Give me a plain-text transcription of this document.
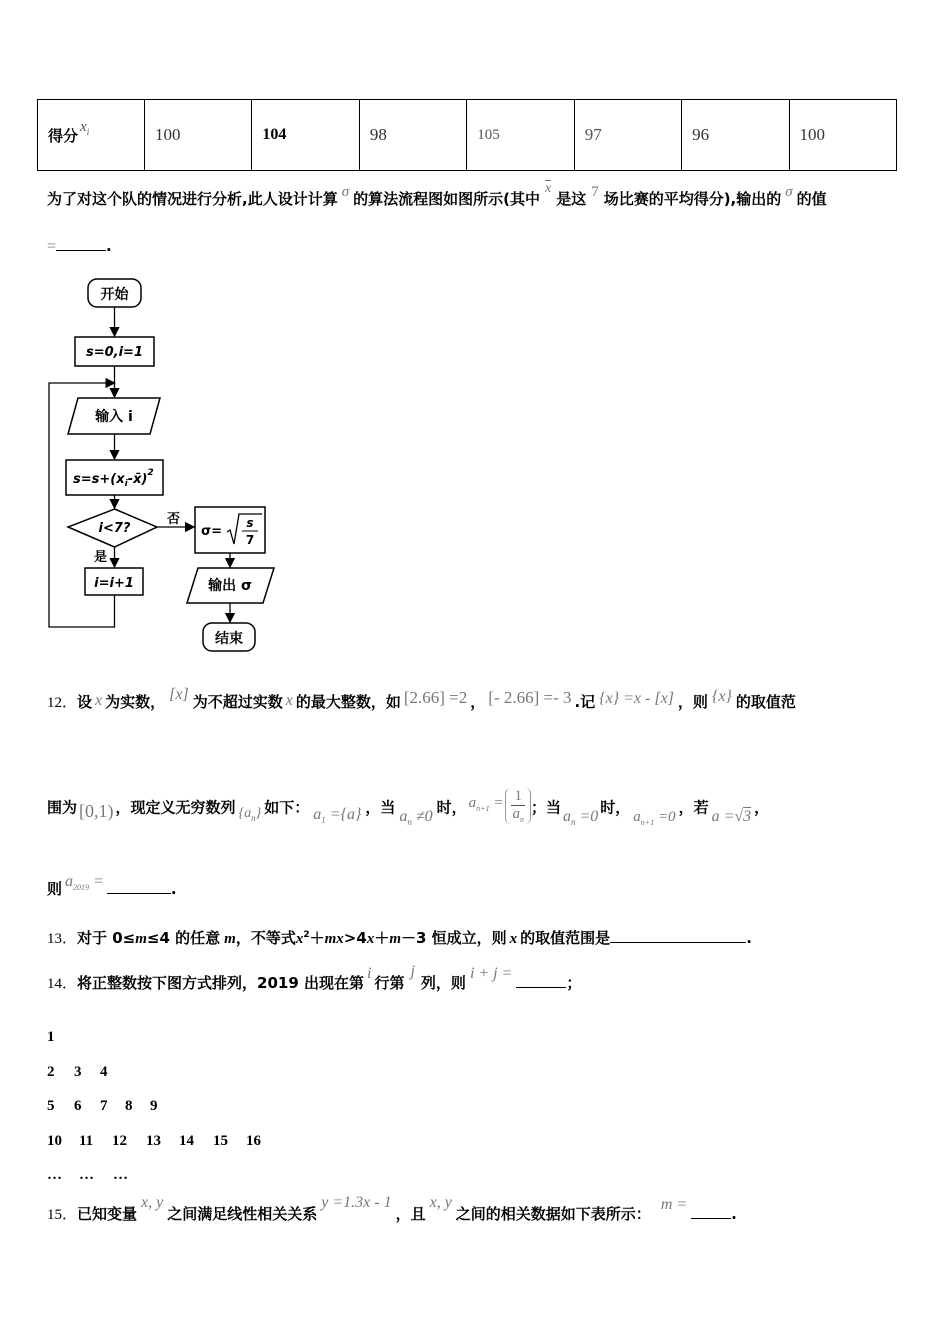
得分 $x^i$	100	104	98	105	97	96	100
为了对这个队的情况进行分析,此人设计计算 σ 的算法流程图如图所示(其中$\overline{x}$是这 7 场比赛的平均得分),输出的 σ 的值
=	.
开始
s=0,i=1
输入 i
$s=s+(x_i-x̄)^2$
i<7?
否
σ=
s
7
输出 σ
结束
是
i=i+1
12．设 x 为实数， [x] 为不超过实数 x 的最大整数，如 [2.66] =2 ， [- 2.66] =- 3 .记 {x} =x - [x] ，则 {x} 的取值范
围为 [0,1) ，现定义无穷数列 $\{a_n\}$ 如下： $a_1 =\{a\}$ ，当 $a_n \ne 0$ 时， $a_{n+1} = \frac{1}{a_n}$ ；当 $a_n =0$ 时， $a_{n+1} =0$ ，若 a =√3 ，
则 $a_{2019}$ =	.
13．对于 0≤m≤4 的任意 m，不等式$x^2+mx>4x+m-3$ 恒成立，则 x 的取值范围是	.
14．将正整数按下图方式排列，2019 出现在第i行第j列，则i + j =；
1
2 3 4
5 6 7 8 9
10 11 12 13 14 15 16
… … …
15．已知变量x, y之间满足线性相关关系y =1.3x - 1，且x, y之间的相关数据如下表所示：m =.
